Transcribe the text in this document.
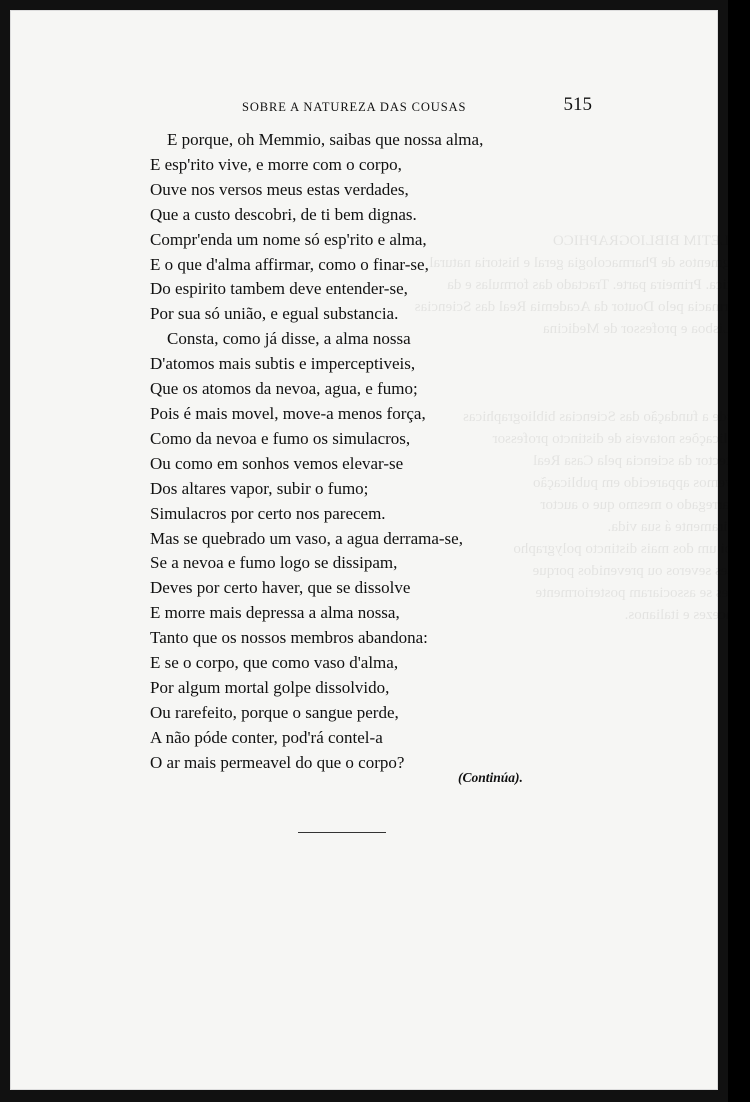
BOLETIM BIBLIOGRAPHICO
Fragmentos de Pharmacologia geral e historia natural
pratica. Primeira parte. Tractado das formulas e da
pharmacia pelo Doutor da Academia Real das Sciencias
de Lisboa e professor de Medicina

Desde a fundação das Sciencias bibliographicas
publicações notaveis de distincto professor
protector da sciencia pela Casa Real
Havemos apparecido em publicação
encarregado o mesmo que o auctor
inteiramente á sua vida.
E foi um dos mais distincto polygrapho
juizes severos ou prevenidos porque
vozes se associaram posteriormente
francezes e italianos.
SOBRE A NATUREZA DAS COUSAS	515
E porque, oh Memmio, saibas que nossa alma,
E esp'rito vive, e morre com o corpo,
Ouve nos versos meus estas verdades,
Que a custo descobri, de ti bem dignas.
Compr'enda um nome só esp'rito e alma,
E o que d'alma affirmar, como o finar-se,
Do espirito tambem deve entender-se,
Por sua só união, e egual substancia.
Consta, como já disse, a alma nossa
D'atomos mais subtis e imperceptiveis,
Que os atomos da nevoa, agua, e fumo;
Pois é mais movel, move-a menos força,
Como da nevoa e fumo os simulacros,
Ou como em sonhos vemos elevar-se
Dos altares vapor, subir o fumo;
Simulacros por certo nos parecem.
Mas se quebrado um vaso, a agua derrama-se,
Se a nevoa e fumo logo se dissipam,
Deves por certo haver, que se dissolve
E morre mais depressa a alma nossa,
Tanto que os nossos membros abandona:
E se o corpo, que como vaso d'alma,
Por algum mortal golpe dissolvido,
Ou rarefeito, porque o sangue perde,
A não póde conter, pod'rá contel-a
O ar mais permeavel do que o corpo?
(Continúa).
